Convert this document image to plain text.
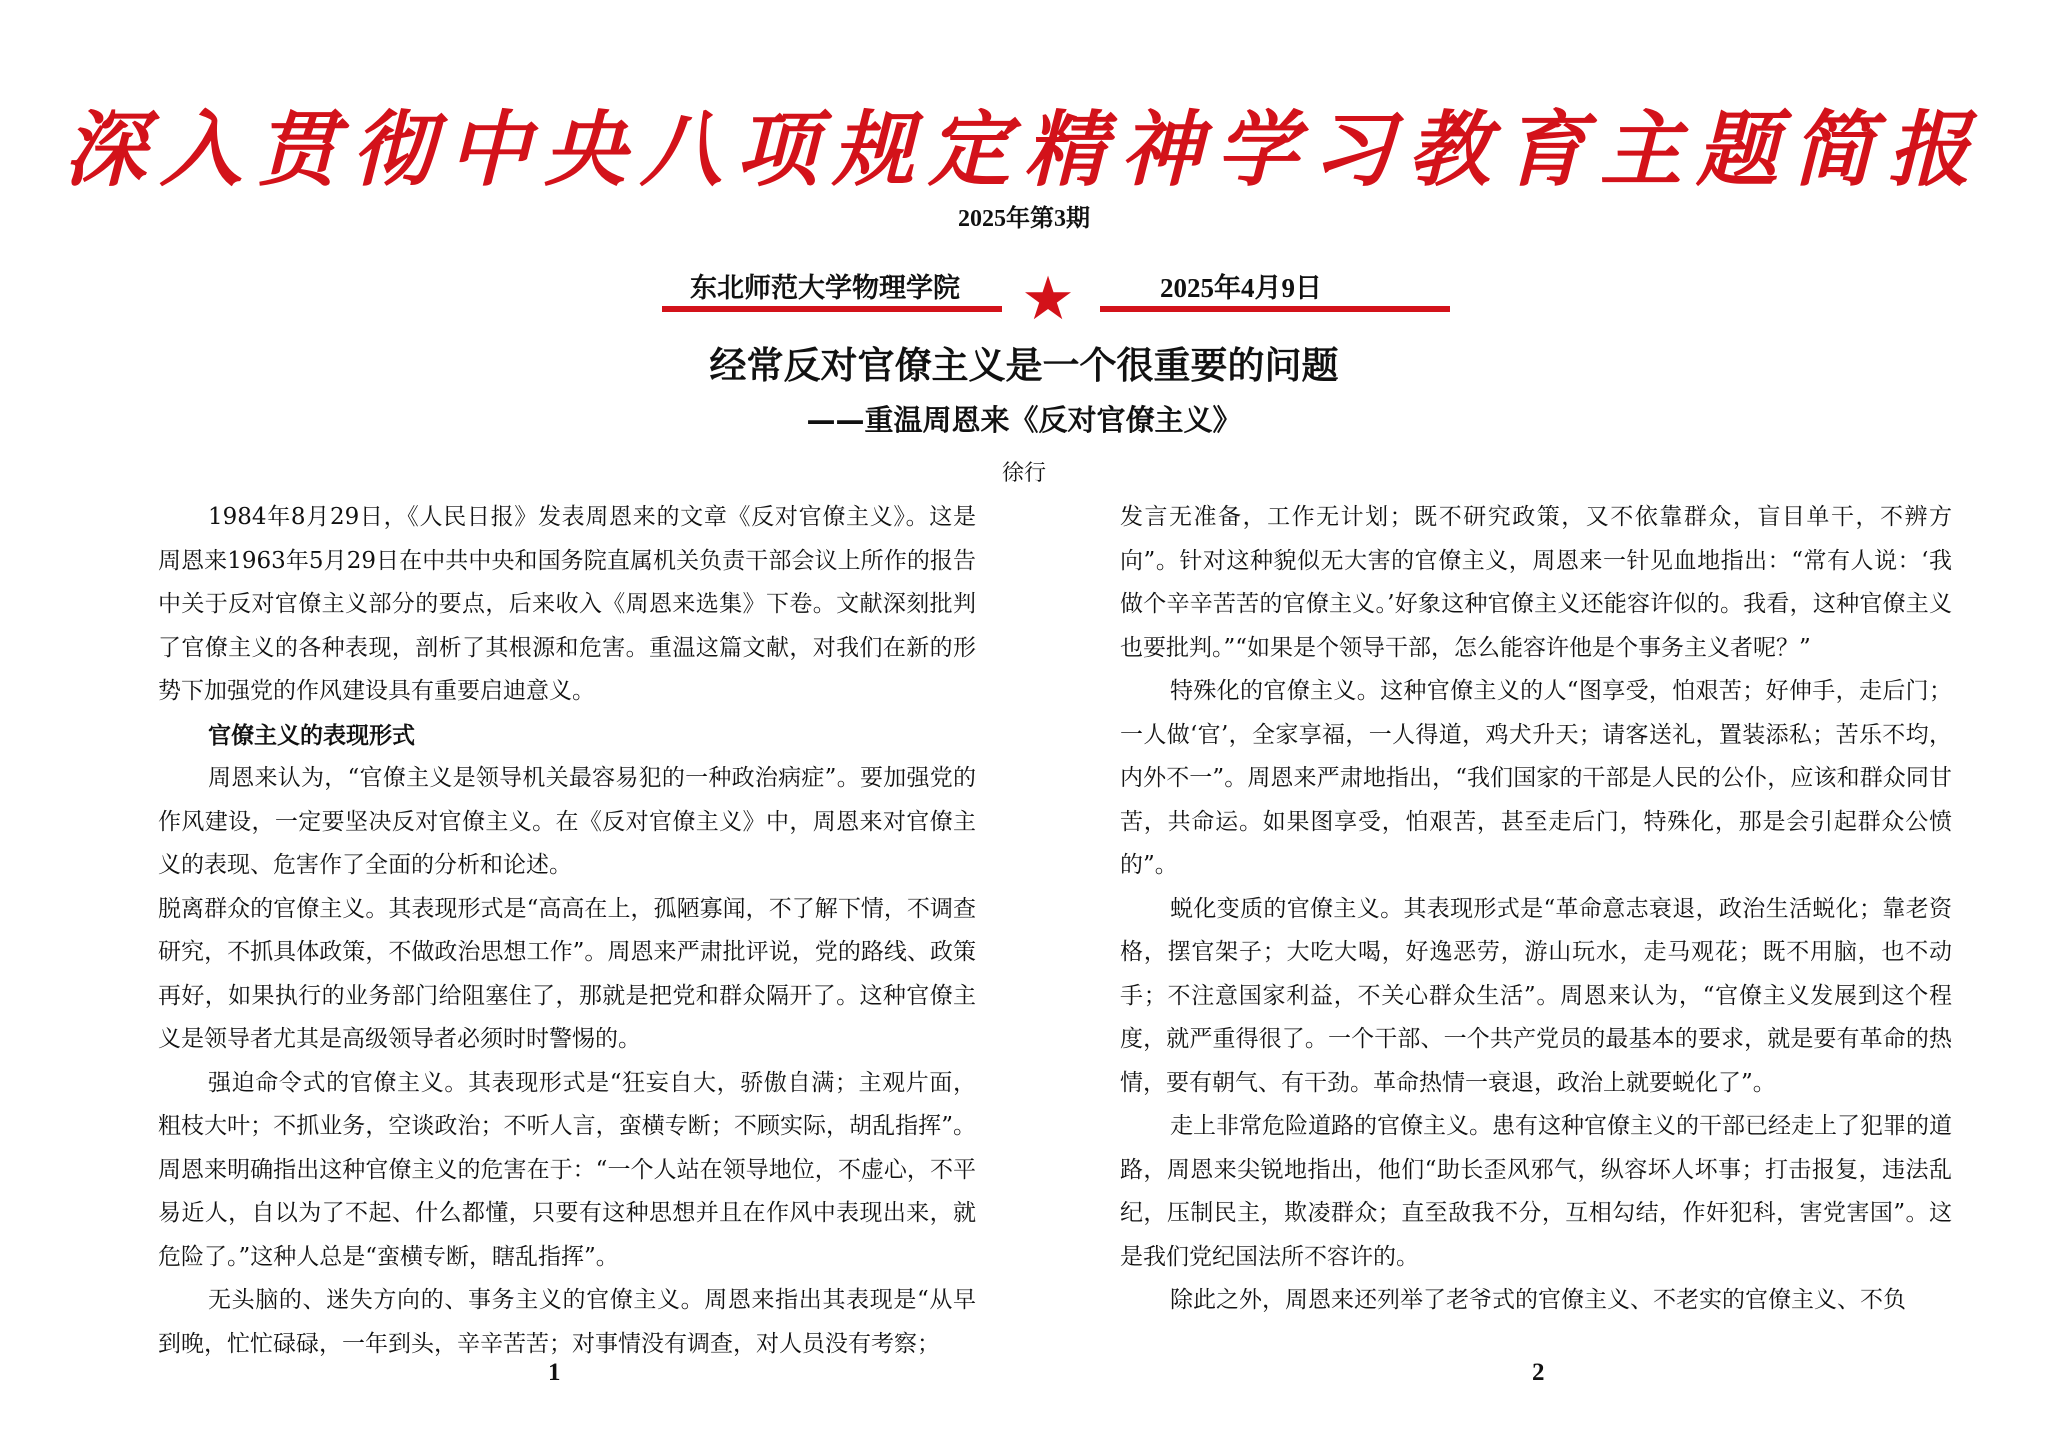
深入贯彻中央八项规定精神学习教育主题简报
2025年第3期
东北师范大学物理学院 ★	2025年4月9日
经常反对官僚主义是一个很重要的问题
——重温周恩来《反对官僚主义》
徐行

1984年8月29日，《人民日报》发表周恩来的文章《反对官僚主义》。这是周恩来1963年5月29日在中共中央和国务院直属机关负责干部会议上所作的报告中关于反对官僚主义部分的要点，后来收入《周恩来选集》下卷。文献深刻批判了官僚主义的各种表现，剖析了其根源和危害。重温这篇文献，对我们在新的形势下加强党的作风建设具有重要启迪意义。

官僚主义的表现形式

周恩来认为，“官僚主义是领导机关最容易犯的一种政治病症”。要加强党的作风建设，一定要坚决反对官僚主义。在《反对官僚主义》中，周恩来对官僚主义的表现、危害作了全面的分析和论述。

脱离群众的官僚主义。其表现形式是“高高在上，孤陋寡闻，不了解下情，不调查研究，不抓具体政策，不做政治思想工作”。周恩来严肃批评说，党的路线、政策再好，如果执行的业务部门给阻塞住了，那就是把党和群众隔开了。这种官僚主义是领导者尤其是高级领导者必须时时警惕的。

强迫命令式的官僚主义。其表现形式是“狂妄自大，骄傲自满；主观片面，粗枝大叶；不抓业务，空谈政治；不听人言，蛮横专断；不顾实际，胡乱指挥”。周恩来明确指出这种官僚主义的危害在于：“一个人站在领导地位，不虚心，不平易近人，自以为了不起、什么都懂，只要有这种思想并且在作风中表现出来，就危险了。”这种人总是“蛮横专断，瞎乱指挥”。

无头脑的、迷失方向的、事务主义的官僚主义。周恩来指出其表现是“从早到晚，忙忙碌碌，一年到头，辛辛苦苦；对事情没有调查，对人员没有考察；

发言无准备，工作无计划；既不研究政策，又不依靠群众，盲目单干，不辨方向”。针对这种貌似无大害的官僚主义，周恩来一针见血地指出：“常有人说：‘我做个辛辛苦苦的官僚主义。’好象这种官僚主义还能容许似的。我看，这种官僚主义也要批判。”“如果是个领导干部，怎么能容许他是个事务主义者呢？”

特殊化的官僚主义。这种官僚主义的人“图享受，怕艰苦；好伸手，走后门；一人做‘官’，全家享福，一人得道，鸡犬升天；请客送礼，置装添私；苦乐不均，内外不一”。周恩来严肃地指出，“我们国家的干部是人民的公仆，应该和群众同甘苦，共命运。如果图享受，怕艰苦，甚至走后门，特殊化，那是会引起群众公愤的”。

蜕化变质的官僚主义。其表现形式是“革命意志衰退，政治生活蜕化；靠老资格，摆官架子；大吃大喝，好逸恶劳，游山玩水，走马观花；既不用脑，也不动手；不注意国家利益，不关心群众生活”。周恩来认为，“官僚主义发展到这个程度，就严重得很了。一个干部、一个共产党员的最基本的要求，就是要有革命的热情，要有朝气、有干劲。革命热情一衰退，政治上就要蜕化了”。

走上非常危险道路的官僚主义。患有这种官僚主义的干部已经走上了犯罪的道路，周恩来尖锐地指出，他们“助长歪风邪气，纵容坏人坏事；打击报复，违法乱纪，压制民主，欺凌群众；直至敌我不分，互相勾结，作奸犯科，害党害国”。这是我们党纪国法所不容许的。

除此之外，周恩来还列举了老爷式的官僚主义、不老实的官僚主义、不负

1	2
